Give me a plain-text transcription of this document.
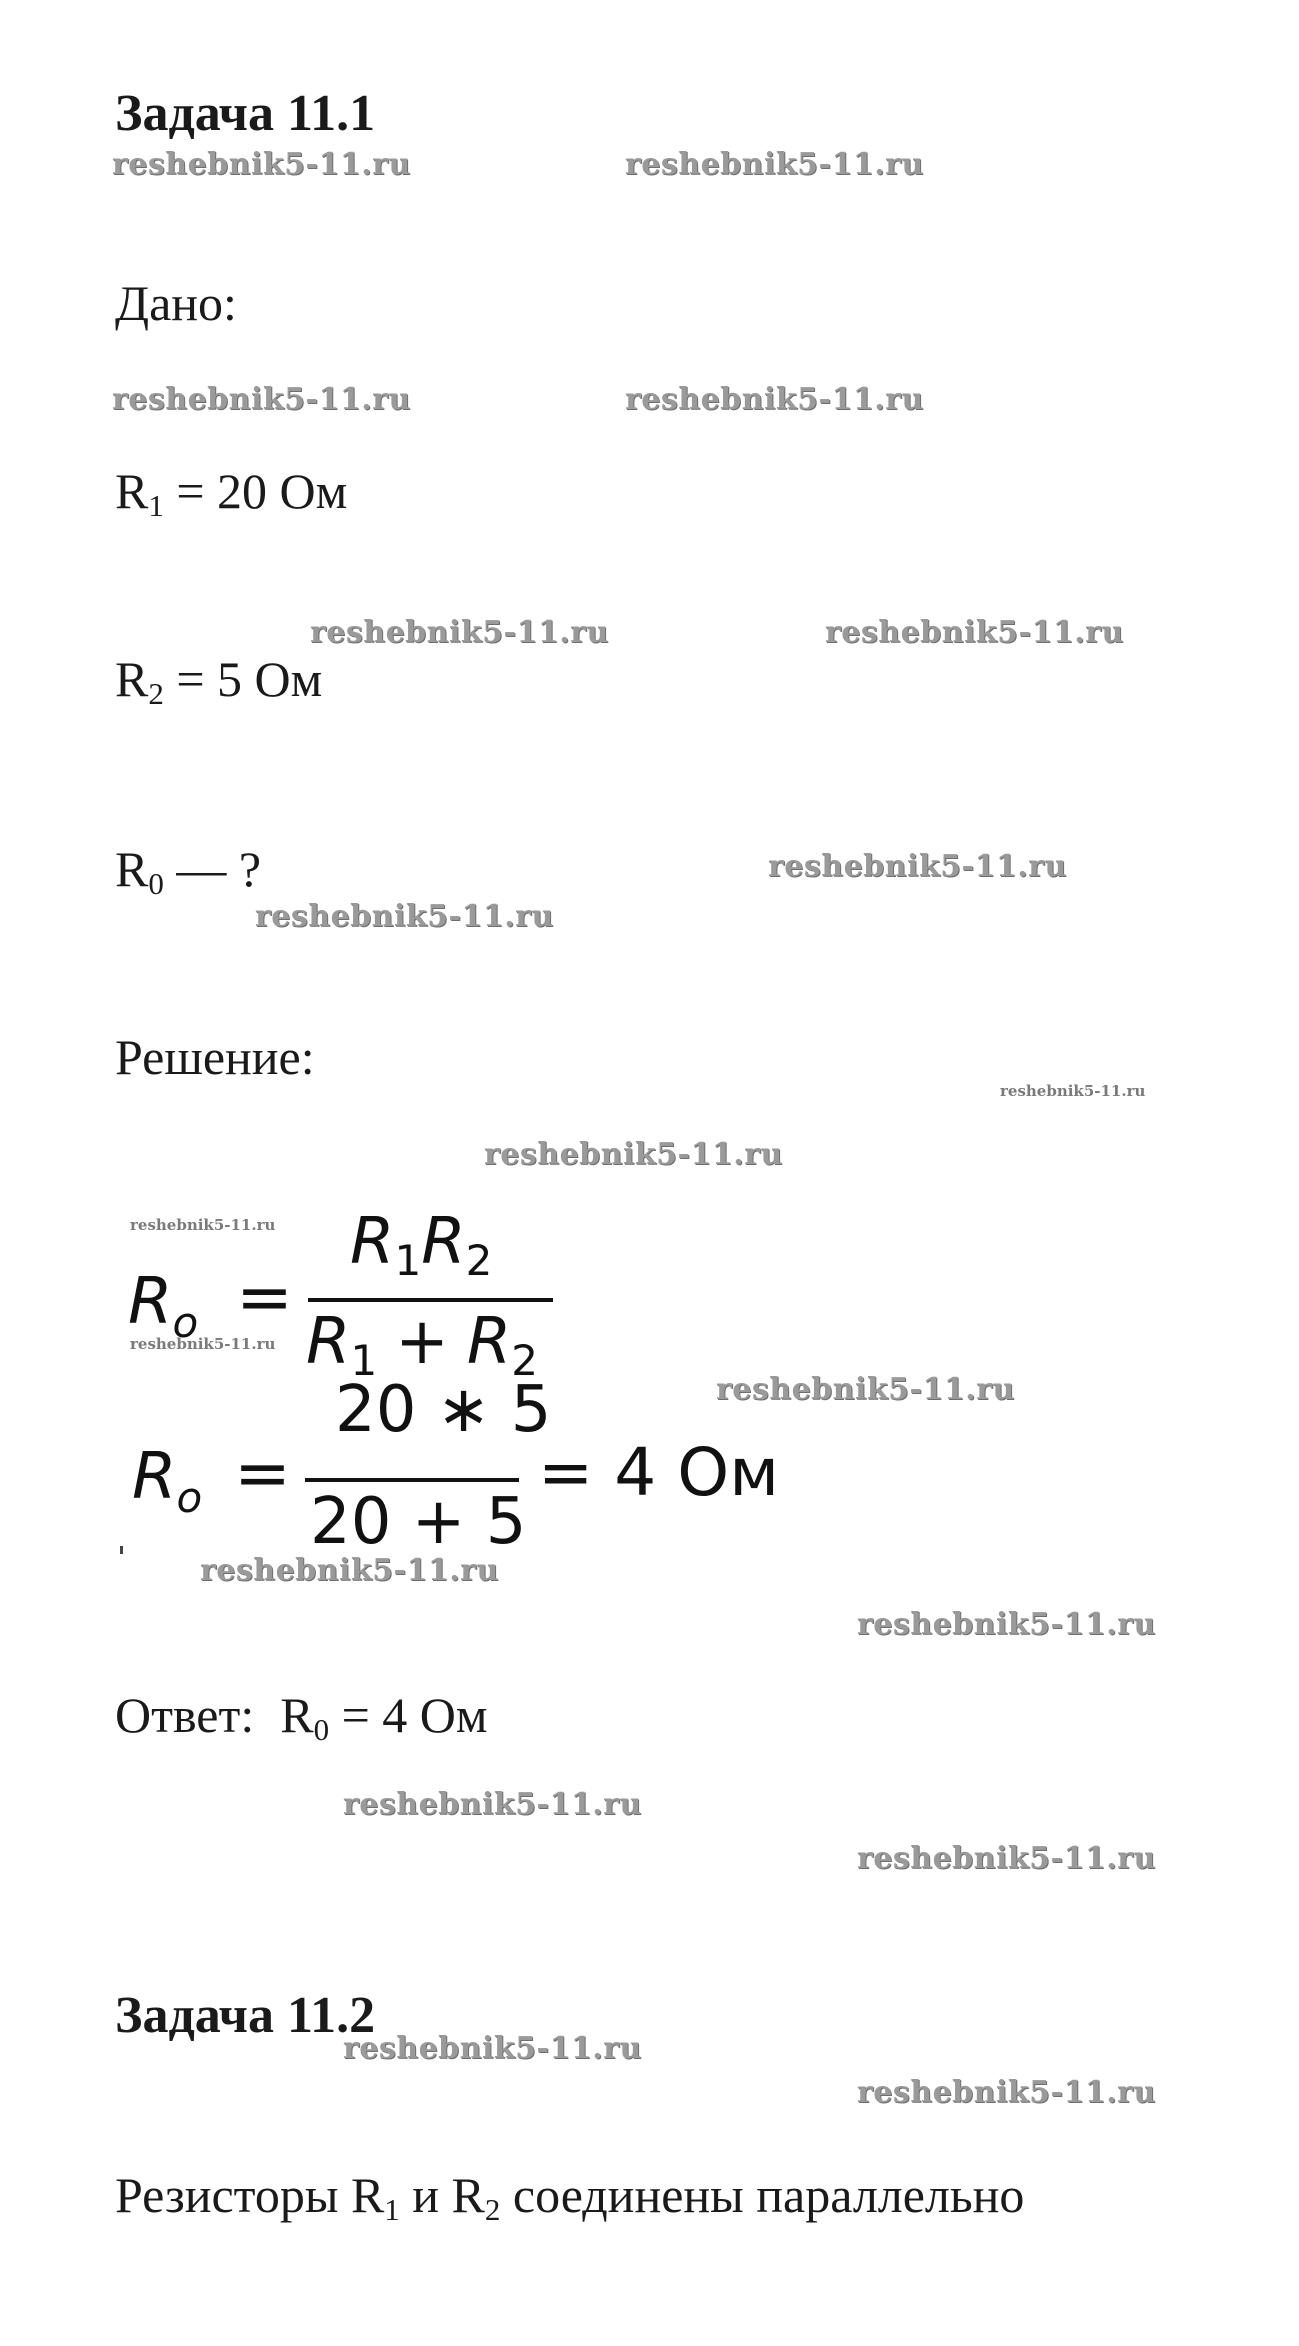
Задача 11.1
Дано:
$R_1 = 20$ Ом
$R_2 = 5$ Ом
$R_0$ — ?
Решение:
$R_o$ =
R1R2
R1 + R2
$R_o$ =
20 ∗ 5
20 + 5
= 4 Ом
Ответ: $R_0 = 4$ Ом
Задача 11.2
Резисторы $R_1$ и $R_2$ соединены параллельно
reshebnik5-11.ru	reshebnik5-11.ru
reshebnik5-11.ru	reshebnik5-11.ru
reshebnik5-11.ru	reshebnik5-11.ru
reshebnik5-11.ru
reshebnik5-11.ru
reshebnik5-11.ru
reshebnik5-11.ru
reshebnik5-11.ru
reshebnik5-11.ru
reshebnik5-11.ru
reshebnik5-11.ru
reshebnik5-11.ru
reshebnik5-11.ru
reshebnik5-11.ru
reshebnik5-11.ru
reshebnik5-11.ru
